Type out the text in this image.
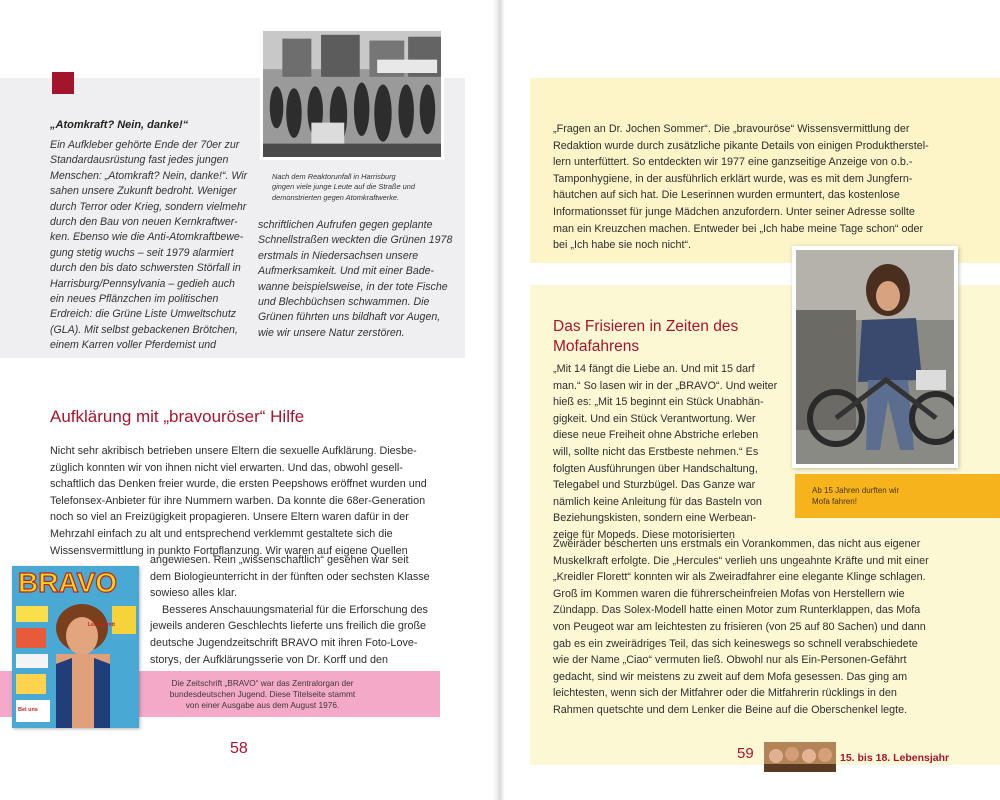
„Atomkraft? Nein, danke!“
Ein Aufkleber gehörte Ende der 70er zur
Standardausrüstung fast jedes jungen
Menschen: „Atomkraft? Nein, danke!“. Wir
sahen unsere Zukunft bedroht. Weniger
durch Terror oder Krieg, sondern vielmehr
durch den Bau von neuen Kernkraftwer-
ken. Ebenso wie die Anti-Atomkraftbewe-
gung stetig wuchs – seit 1979 alarmiert
durch den bis dato schwersten Störfall in
Harrisburg/Pennsylvania – gedieh auch
ein neues Pflänzchen im politischen
Erdreich: die Grüne Liste Umweltschutz
(GLA). Mit selbst gebackenen Brötchen,
einem Karren voller Pferdemist und
schriftlichen Aufrufen gegen geplante
Schnellstraßen weckten die Grünen 1978
erstmals in Niedersachsen unsere
Aufmerksamkeit. Und mit einer Bade-
wanne beispielsweise, in der tote Fische
und Blechbüchsen schwammen. Die
Grünen führten uns bildhaft vor Augen,
wie wir unsere Natur zerstören.
Nach dem Reaktorunfall in Harrisburg
gingen viele junge Leute auf die Straße und
demonstrierten gegen Atomkraftwerke.
Aufklärung mit „bravouröser“ Hilfe
Nicht sehr akribisch betrieben unsere Eltern die sexuelle Aufklärung. Diesbe-
züglich konnten wir von ihnen nicht viel erwarten. Und das, obwohl gesell-
schaftlich das Denken freier wurde, die ersten Peepshows eröffnet wurden und
Telefonsex-Anbieter für ihre Nummern warben. Da konnte die 68er-Generation
noch so viel an Freizügigkeit propagieren. Unsere Eltern waren dafür in der
Mehrzahl einfach zu alt und entsprechend verklemmt gestaltete sich die
Wissensvermittlung in punkto Fortpflanzung. Wir waren auf eigene Quellen
angewiesen. Rein „wissenschaftlich“ gesehen war seit
dem Biologieunterricht in der fünften oder sechsten Klasse
sowieso alles klar.
Besseres Anschauungsmaterial für die Erforschung des
jeweils anderen Geschlechts lieferte uns freilich die große
deutsche Jugendzeitschrift BRAVO mit ihren Foto-Love-
storys, der Aufklärungsserie von Dr. Korff und den
Die Zeitschrift „BRAVO“ war das Zentralorgan der
bundesdeutschen Jugend. Diese Titelseite stammt
von einer Ausgabe aus dem August 1976.
BRAVO
Bei uns
Leif Garrett
58
„Fragen an Dr. Jochen Sommer“. Die „bravouröse“ Wissensvermittlung der
Redaktion wurde durch zusätzliche pikante Details von einigen Produktherstel-
lern unterfüttert. So entdeckten wir 1977 eine ganzseitige Anzeige von o.b.-
Tamponhygiene, in der ausführlich erklärt wurde, was es mit dem Jungfern-
häutchen auf sich hat. Die Leserinnen wurden ermuntert, das kostenlose
Informationsset für junge Mädchen anzufordern. Unter seiner Adresse sollte
man ein Kreuzchen machen. Entweder bei „Ich habe meine Tage schon“ oder
bei „Ich habe sie noch nicht“.
Das Frisieren in Zeiten des
Mofafahrens
„Mit 14 fängt die Liebe an. Und mit 15 darf
man.“ So lasen wir in der „BRAVO“. Und weiter
hieß es: „Mit 15 beginnt ein Stück Unabhän-
gigkeit. Und ein Stück Verantwortung. Wer
diese neue Freiheit ohne Abstriche erleben
will, sollte nicht das Erstbeste nehmen.“ Es
folgten Ausführungen über Handschaltung,
Telegabel und Sturzbügel. Das Ganze war
nämlich keine Anleitung für das Basteln von
Beziehungskisten, sondern eine Werbean-
zeige für Mopeds. Diese motorisierten
Zweiräder bescherten uns erstmals ein Vorankommen, das nicht aus eigener
Muskelkraft erfolgte. Die „Hercules“ verlieh uns ungeahnte Kräfte und mit einer
„Kreidler Florett“ konnten wir als Zweiradfahrer eine elegante Klinge schlagen.
Groß im Kommen waren die führerscheinfreien Mofas von Herstellern wie
Zündapp. Das Solex-Modell hatte einen Motor zum Runterklappen, das Mofa
von Peugeot war am leichtesten zu frisieren (von 25 auf 80 Sachen) und dann
gab es ein zweirädriges Teil, das sich keineswegs so schnell verabschiedete
wie der Name „Ciao“ vermuten ließ. Obwohl nur als Ein-Personen-Gefährt
gedacht, sind wir meistens zu zweit auf dem Mofa gesessen. Das ging am
leichtesten, wenn sich der Mitfahrer oder die Mitfahrerin rücklings in den
Rahmen quetschte und dem Lenker die Beine auf die Oberschenkel legte.
Ab 15 Jahren durften wir
Mofa fahren!
59	15. bis 18. Lebensjahr
